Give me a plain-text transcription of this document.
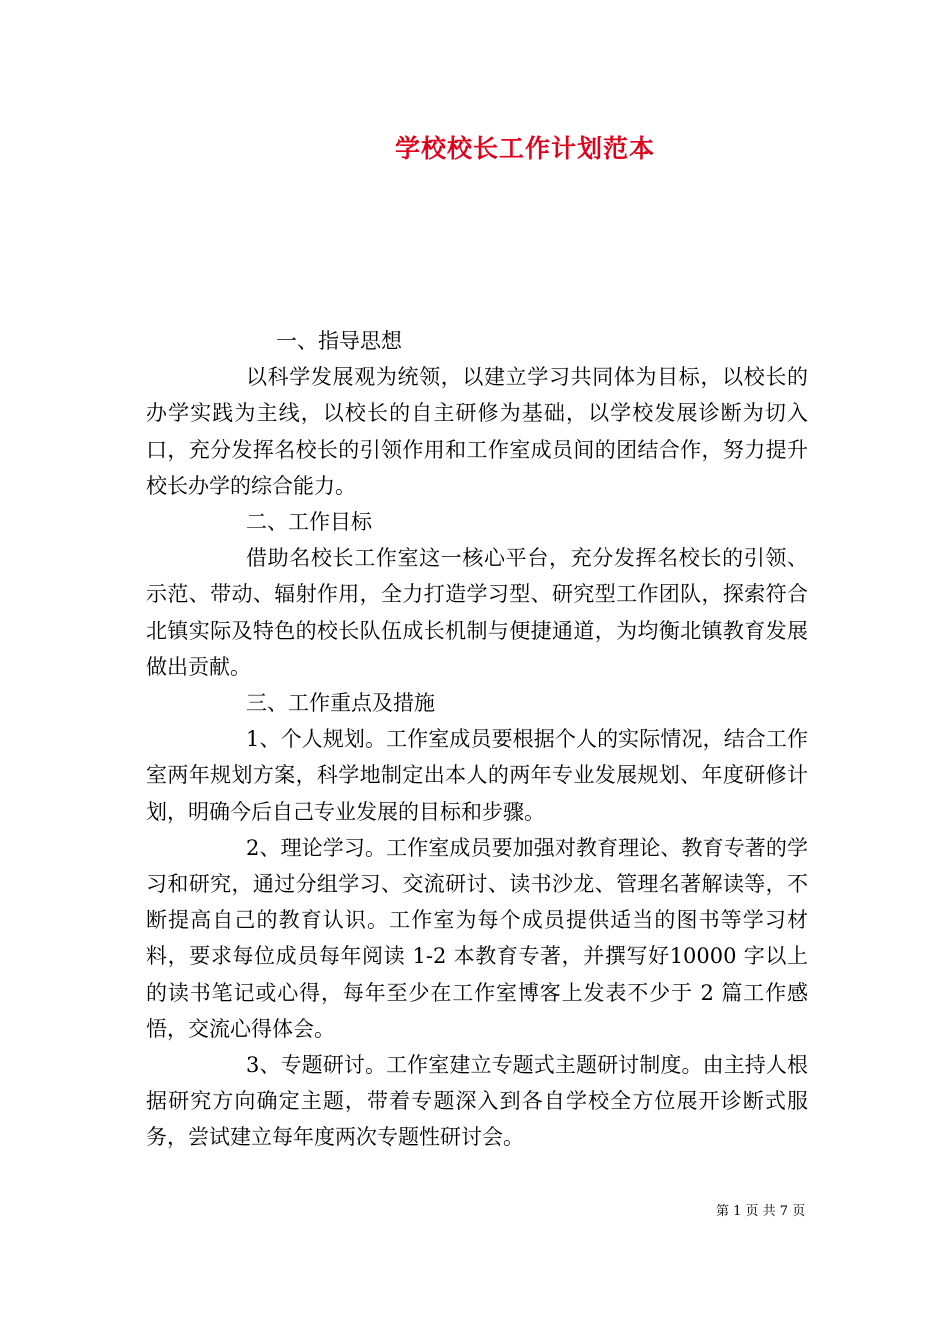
学校校长工作计划范本

一、指导思想

以科学发展观为统领，以建立学习共同体为目标，以校长的办学实践为主线，以校长的自主研修为基础，以学校发展诊断为切入口，充分发挥名校长的引领作用和工作室成员间的团结合作，努力提升校长办学的综合能力。

二、工作目标

借助名校长工作室这一核心平台，充分发挥名校长的引领、示范、带动、辐射作用，全力打造学习型、研究型工作团队，探索符合北镇实际及特色的校长队伍成长机制与便捷通道，为均衡北镇教育发展做出贡献。

三、工作重点及措施

1、个人规划。工作室成员要根据个人的实际情况，结合工作室两年规划方案，科学地制定出本人的两年专业发展规划、年度研修计划，明确今后自己专业发展的目标和步骤。

2、理论学习。工作室成员要加强对教育理论、教育专著的学习和研究，通过分组学习、交流研讨、读书沙龙、管理名著解读等，不断提高自己的教育认识。工作室为每个成员提供适当的图书等学习材料，要求每位成员每年阅读 1-2 本教育专著，并撰写好10000 字以上的读书笔记或心得，每年至少在工作室博客上发表不少于 2 篇工作感悟，交流心得体会。

3、专题研讨。工作室建立专题式主题研讨制度。由主持人根据研究方向确定主题，带着专题深入到各自学校全方位展开诊断式服务，尝试建立每年度两次专题性研讨会。

第 1 页 共 7 页
